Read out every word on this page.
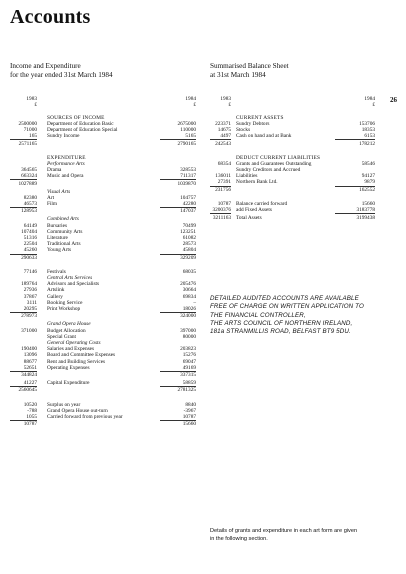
Accounts
Income and Expenditure
for the year ended 31st March 1984
Summarised Balance Sheet
at 31st March 1984
26
1983	1984
£	£
SOURCES OF INCOME
2500000 Department of Education Basic	2675000
71000 Department of Education Special	110000
165 Sundry Income	5165
2571165	2790165
EXPENDITURE
Performance Arts
364565 Drama	328553
663324 Music and Opera	711317
1027889	1039870
Visual Arts
82380 Art	104757
46573 Film	42280
128953	147037
Combined Arts
64149 Bursaries	70499
107404 Community Arts	123251
51316 Literature	61082
22504 Traditional Arts	28573
45260 Young Arts	45804
290633	329209
77146 Festivals	68035
Central Arts Services
189764 Advisors and Specialists	205476
27936 Artslink	30664
37867 Gallery	69834
3111 Booking Service	–
20295 Print Workshop	18026
278973	324000
Grand Opera House
371000 Budget Allocation	397000
Special Grant	80000
General Operating Costs
190400 Salaries and Expenses	203823
13096 Board and Committee Expenses	15276
88677 Rent and Building Services	69047
52651 Operating Expenses	49169
344824	337315
41227 Capital Expenditure	58859
2560645	2781325
10520 Surplus on year	8840
-788 Grand Opera House out-turn	-3967
1055 Carried forward from previous year	10787
10787	15660
1983	1984
£	£
CURRENT ASSETS
223371 Sundry Debtors	153706
14675 Stocks	18353
4497 Cash on hand and at Bank	6153
242543	178212
DEDUCT CURRENT LIABILITIES
68354 Grants and Guarantees Outstanding	58546
Sundry Creditors and Accrued
136011 Liabilities	94127
27391 Northern Bank Ltd.	9879
231756	162552
10787 Balance carried forward	15660
3200376 add Fixed Assets	3183778
3211163 Total Assets	3199438
DETAILED AUDITED ACCOUNTS ARE AVAILABLE
FREE OF CHARGE ON WRITTEN APPLICATION TO
THE FINANCIAL CONTROLLER,
THE ARTS COUNCIL OF NORTHERN IRELAND,
181a STRANMILLIS ROAD, BELFAST BT9 5DU.
Details of grants and expenditure in each art form are given
in the following section.
